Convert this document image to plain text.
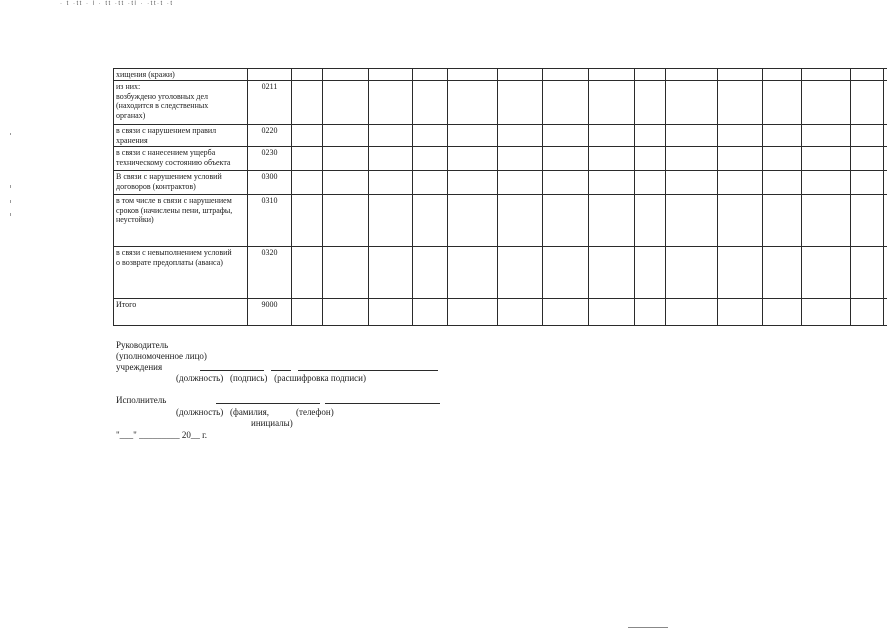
· t ·tt · l · tt ·tt ·tl · ·tt·t ·t
хищения (кражи)																
из них:
возбуждено уголовных дел
(находится в следственных
органах)	0211															
в связи с нарушением правил
хранения	0220															
в связи с нанесением ущерба
техническому состоянию объекта	0230															
В связи с нарушением условий
договоров (контрактов)	0300															
в том числе в связи с нарушением
сроков (начислены пени, штрафы,
неустойки)	0310															
в связи с невыполнением условий
о возврате предоплаты (аванса)	0320															
Итого	9000															
Руководитель
(уполномоченное лицо)
учреждения
(должность)   (подпись)   (расшифровка подписи)
Исполнитель
(должность)   (фамилия,            (телефон)
инициалы)
"___" _________ 20__ г.
